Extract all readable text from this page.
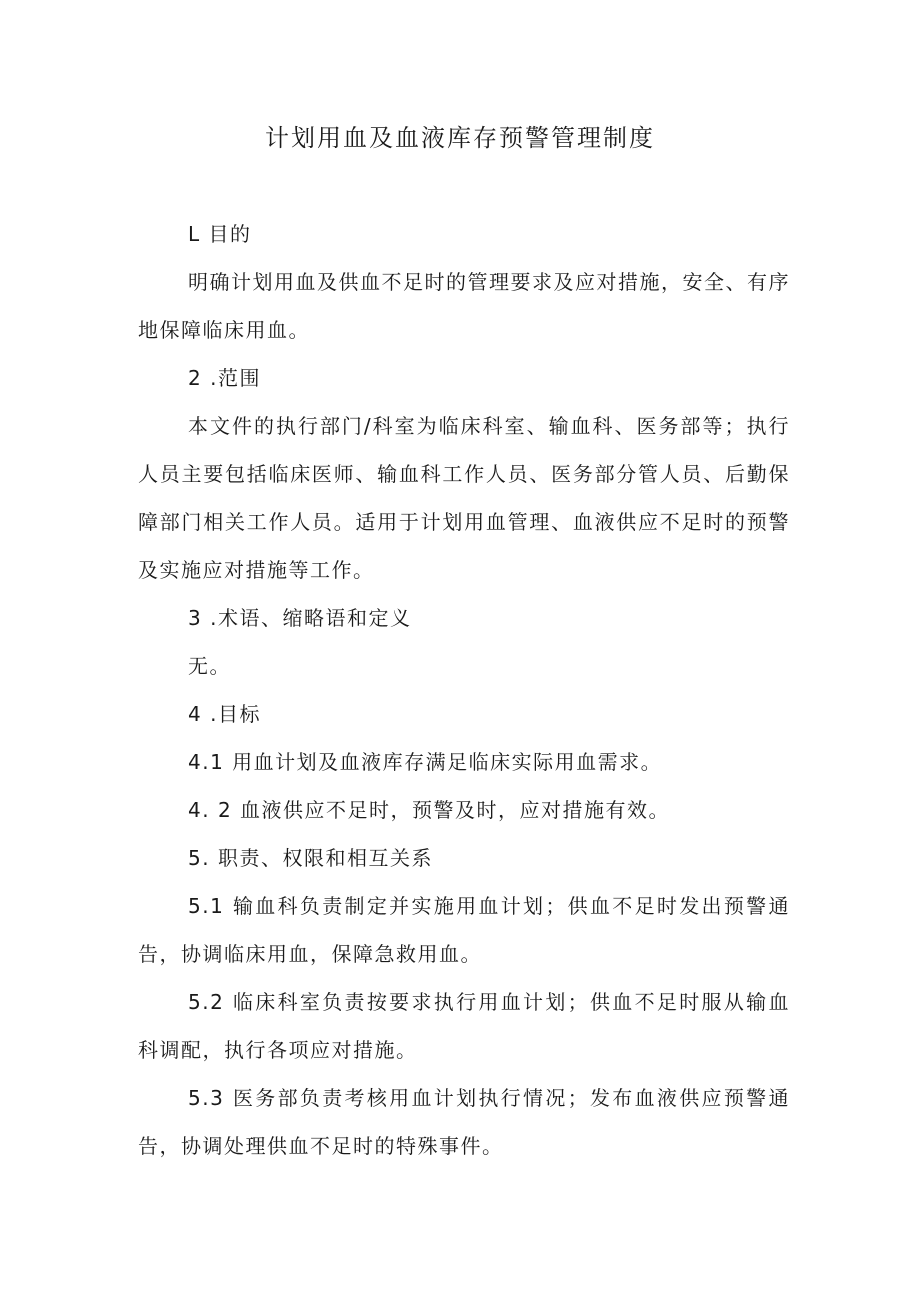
计划用血及血液库存预警管理制度

L 目的

明确计划用血及供血不足时的管理要求及应对措施，安全、有序地保障临床用血。

2 .范围

本文件的执行部门/科室为临床科室、输血科、医务部等；执行人员主要包括临床医师、输血科工作人员、医务部分管人员、后勤保障部门相关工作人员。适用于计划用血管理、血液供应不足时的预警及实施应对措施等工作。

3 .术语、缩略语和定义

无。

4 .目标

4.1 用血计划及血液库存满足临床实际用血需求。

4. 2 血液供应不足时，预警及时，应对措施有效。

5. 职责、权限和相互关系

5.1 输血科负责制定并实施用血计划；供血不足时发出预警通告，协调临床用血，保障急救用血。

5.2 临床科室负责按要求执行用血计划；供血不足时服从输血科调配，执行各项应对措施。

5.3 医务部负责考核用血计划执行情况；发布血液供应预警通告，协调处理供血不足时的特殊事件。
